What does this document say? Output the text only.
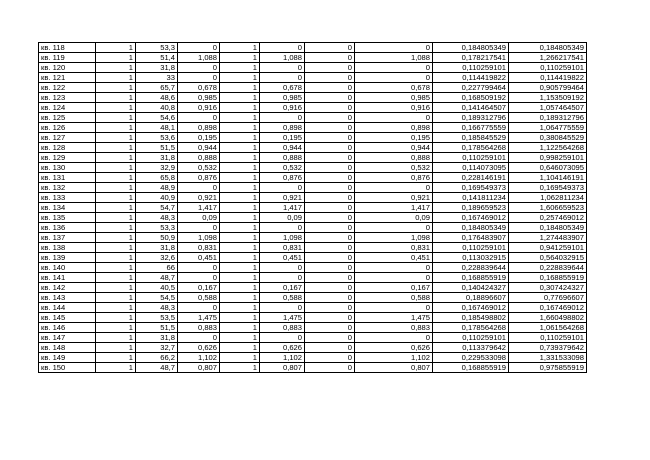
кв. 118	1	53,3	0	1	0	0	0	0,184805349	0,184805349
кв. 119	1	51,4	1,088	1	1,088	0	1,088	0,178217541	1,266217541
кв. 120	1	31,8	0	1	0	0	0	0,110259101	0,110259101
кв. 121	1	33	0	1	0	0	0	0,114419822	0,114419822
кв. 122	1	65,7	0,678	1	0,678	0	0,678	0,227799464	0,905799464
кв. 123	1	48,6	0,985	1	0,985	0	0,985	0,168509192	1,153509192
кв. 124	1	40,8	0,916	1	0,916	0	0,916	0,141464507	1,057464507
кв. 125	1	54,6	0	1	0	0	0	0,189312796	0,189312796
кв. 126	1	48,1	0,898	1	0,898	0	0,898	0,166775559	1,064775559
кв. 127	1	53,6	0,195	1	0,195	0	0,195	0,185845529	0,380845529
кв. 128	1	51,5	0,944	1	0,944	0	0,944	0,178564268	1,122564268
кв. 129	1	31,8	0,888	1	0,888	0	0,888	0,110259101	0,998259101
кв. 130	1	32,9	0,532	1	0,532	0	0,532	0,114073095	0,646073095
кв. 131	1	65,8	0,876	1	0,876	0	0,876	0,228146191	1,104146191
кв. 132	1	48,9	0	1	0	0	0	0,169549373	0,169549373
кв. 133	1	40,9	0,921	1	0,921	0	0,921	0,141811234	1,062811234
кв. 134	1	54,7	1,417	1	1,417	0	1,417	0,189659523	1,606659523
кв. 135	1	48,3	0,09	1	0,09	0	0,09	0,167469012	0,257469012
кв. 136	1	53,3	0	1	0	0	0	0,184805349	0,184805349
кв. 137	1	50,9	1,098	1	1,098	0	1,098	0,176483907	1,274483907
кв. 138	1	31,8	0,831	1	0,831	0	0,831	0,110259101	0,941259101
кв. 139	1	32,6	0,451	1	0,451	0	0,451	0,113032915	0,564032915
кв. 140	1	66	0	1	0	0	0	0,228839644	0,228839644
кв. 141	1	48,7	0	1	0	0	0	0,168855919	0,168855919
кв. 142	1	40,5	0,167	1	0,167	0	0,167	0,140424327	0,307424327
кв. 143	1	54,5	0,588	1	0,588	0	0,588	0,18896607	0,77696607
кв. 144	1	48,3	0	1	0	0	0	0,167469012	0,167469012
кв. 145	1	53,5	1,475	1	1,475	0	1,475	0,185498802	1,660498802
кв. 146	1	51,5	0,883	1	0,883	0	0,883	0,178564268	1,061564268
кв. 147	1	31,8	0	1	0	0	0	0,110259101	0,110259101
кв. 148	1	32,7	0,626	1	0,626	0	0,626	0,113379642	0,739379642
кв. 149	1	66,2	1,102	1	1,102	0	1,102	0,229533098	1,331533098
кв. 150	1	48,7	0,807	1	0,807	0	0,807	0,168855919	0,975855919
